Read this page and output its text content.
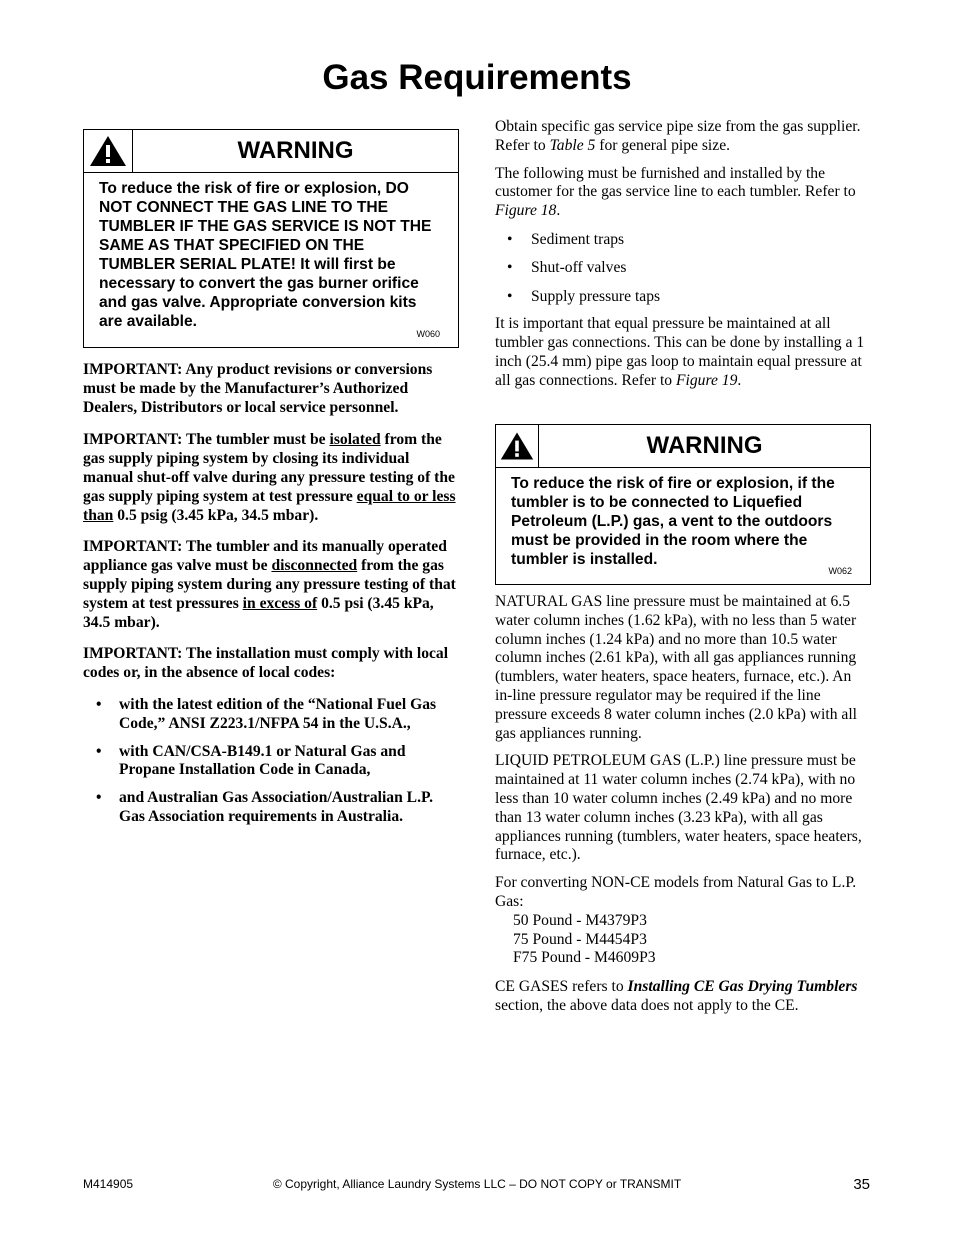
Gas Requirements
WARNING
To reduce the risk of fire or explosion, DO NOT CONNECT THE GAS LINE TO THE TUMBLER IF THE GAS SERVICE IS NOT THE SAME AS THAT SPECIFIED ON THE TUMBLER SERIAL PLATE! It will first be necessary to convert the gas burner orifice and gas valve. Appropriate conversion kits are available.
W060

IMPORTANT: Any product revisions or conversions must be made by the Manufacturer’s Authorized Dealers, Distributors or local service personnel.

IMPORTANT: The tumbler must be isolated from the gas supply piping system by closing its individual manual shut-off valve during any pressure testing of the gas supply piping system at test pressure equal to or less than 0.5 psig (3.45 kPa, 34.5 mbar).

IMPORTANT: The tumbler and its manually operated appliance gas valve must be disconnected from the gas supply piping system during any pressure testing of that system at test pressures in excess of 0.5 psi (3.45 kPa, 34.5 mbar).

IMPORTANT: The installation must comply with local codes or, in the absence of local codes:

• with the latest edition of the “National Fuel Gas Code,” ANSI Z223.1/NFPA 54 in the U.S.A.,
• with CAN/CSA-B149.1 or Natural Gas and Propane Installation Code in Canada,
• and Australian Gas Association/Australian L.P. Gas Association requirements in Australia.

Obtain specific gas service pipe size from the gas supplier. Refer to Table 5 for general pipe size.

The following must be furnished and installed by the customer for the gas service line to each tumbler. Refer to Figure 18.

• Sediment traps
• Shut-off valves
• Supply pressure taps

It is important that equal pressure be maintained at all tumbler gas connections. This can be done by installing a 1 inch (25.4 mm) pipe gas loop to maintain equal pressure at all gas connections. Refer to Figure 19.

WARNING
To reduce the risk of fire or explosion, if the tumbler is to be connected to Liquefied Petroleum (L.P.) gas, a vent to the outdoors must be provided in the room where the tumbler is installed.
W062

NATURAL GAS line pressure must be maintained at 6.5 water column inches (1.62 kPa), with no less than 5 water column inches (1.24 kPa) and no more than 10.5 water column inches (2.61 kPa), with all gas appliances running (tumblers, water heaters, space heaters, furnace, etc.). An in-line pressure regulator may be required if the line pressure exceeds 8 water column inches (2.0 kPa) with all gas appliances running.

LIQUID PETROLEUM GAS (L.P.) line pressure must be maintained at 11 water column inches (2.74 kPa), with no less than 10 water column inches (2.49 kPa) and no more than 13 water column inches (3.23 kPa), with all gas appliances running (tumblers, water heaters, space heaters, furnace, etc.).

For converting NON-CE models from Natural Gas to L.P. Gas:

50 Pound - M4379P3
75 Pound - M4454P3
F75 Pound - M4609P3

CE GASES refers to Installing CE Gas Drying Tumblers section, the above data does not apply to the CE.

M414905	© Copyright, Alliance Laundry Systems LLC – DO NOT COPY or TRANSMIT	35
